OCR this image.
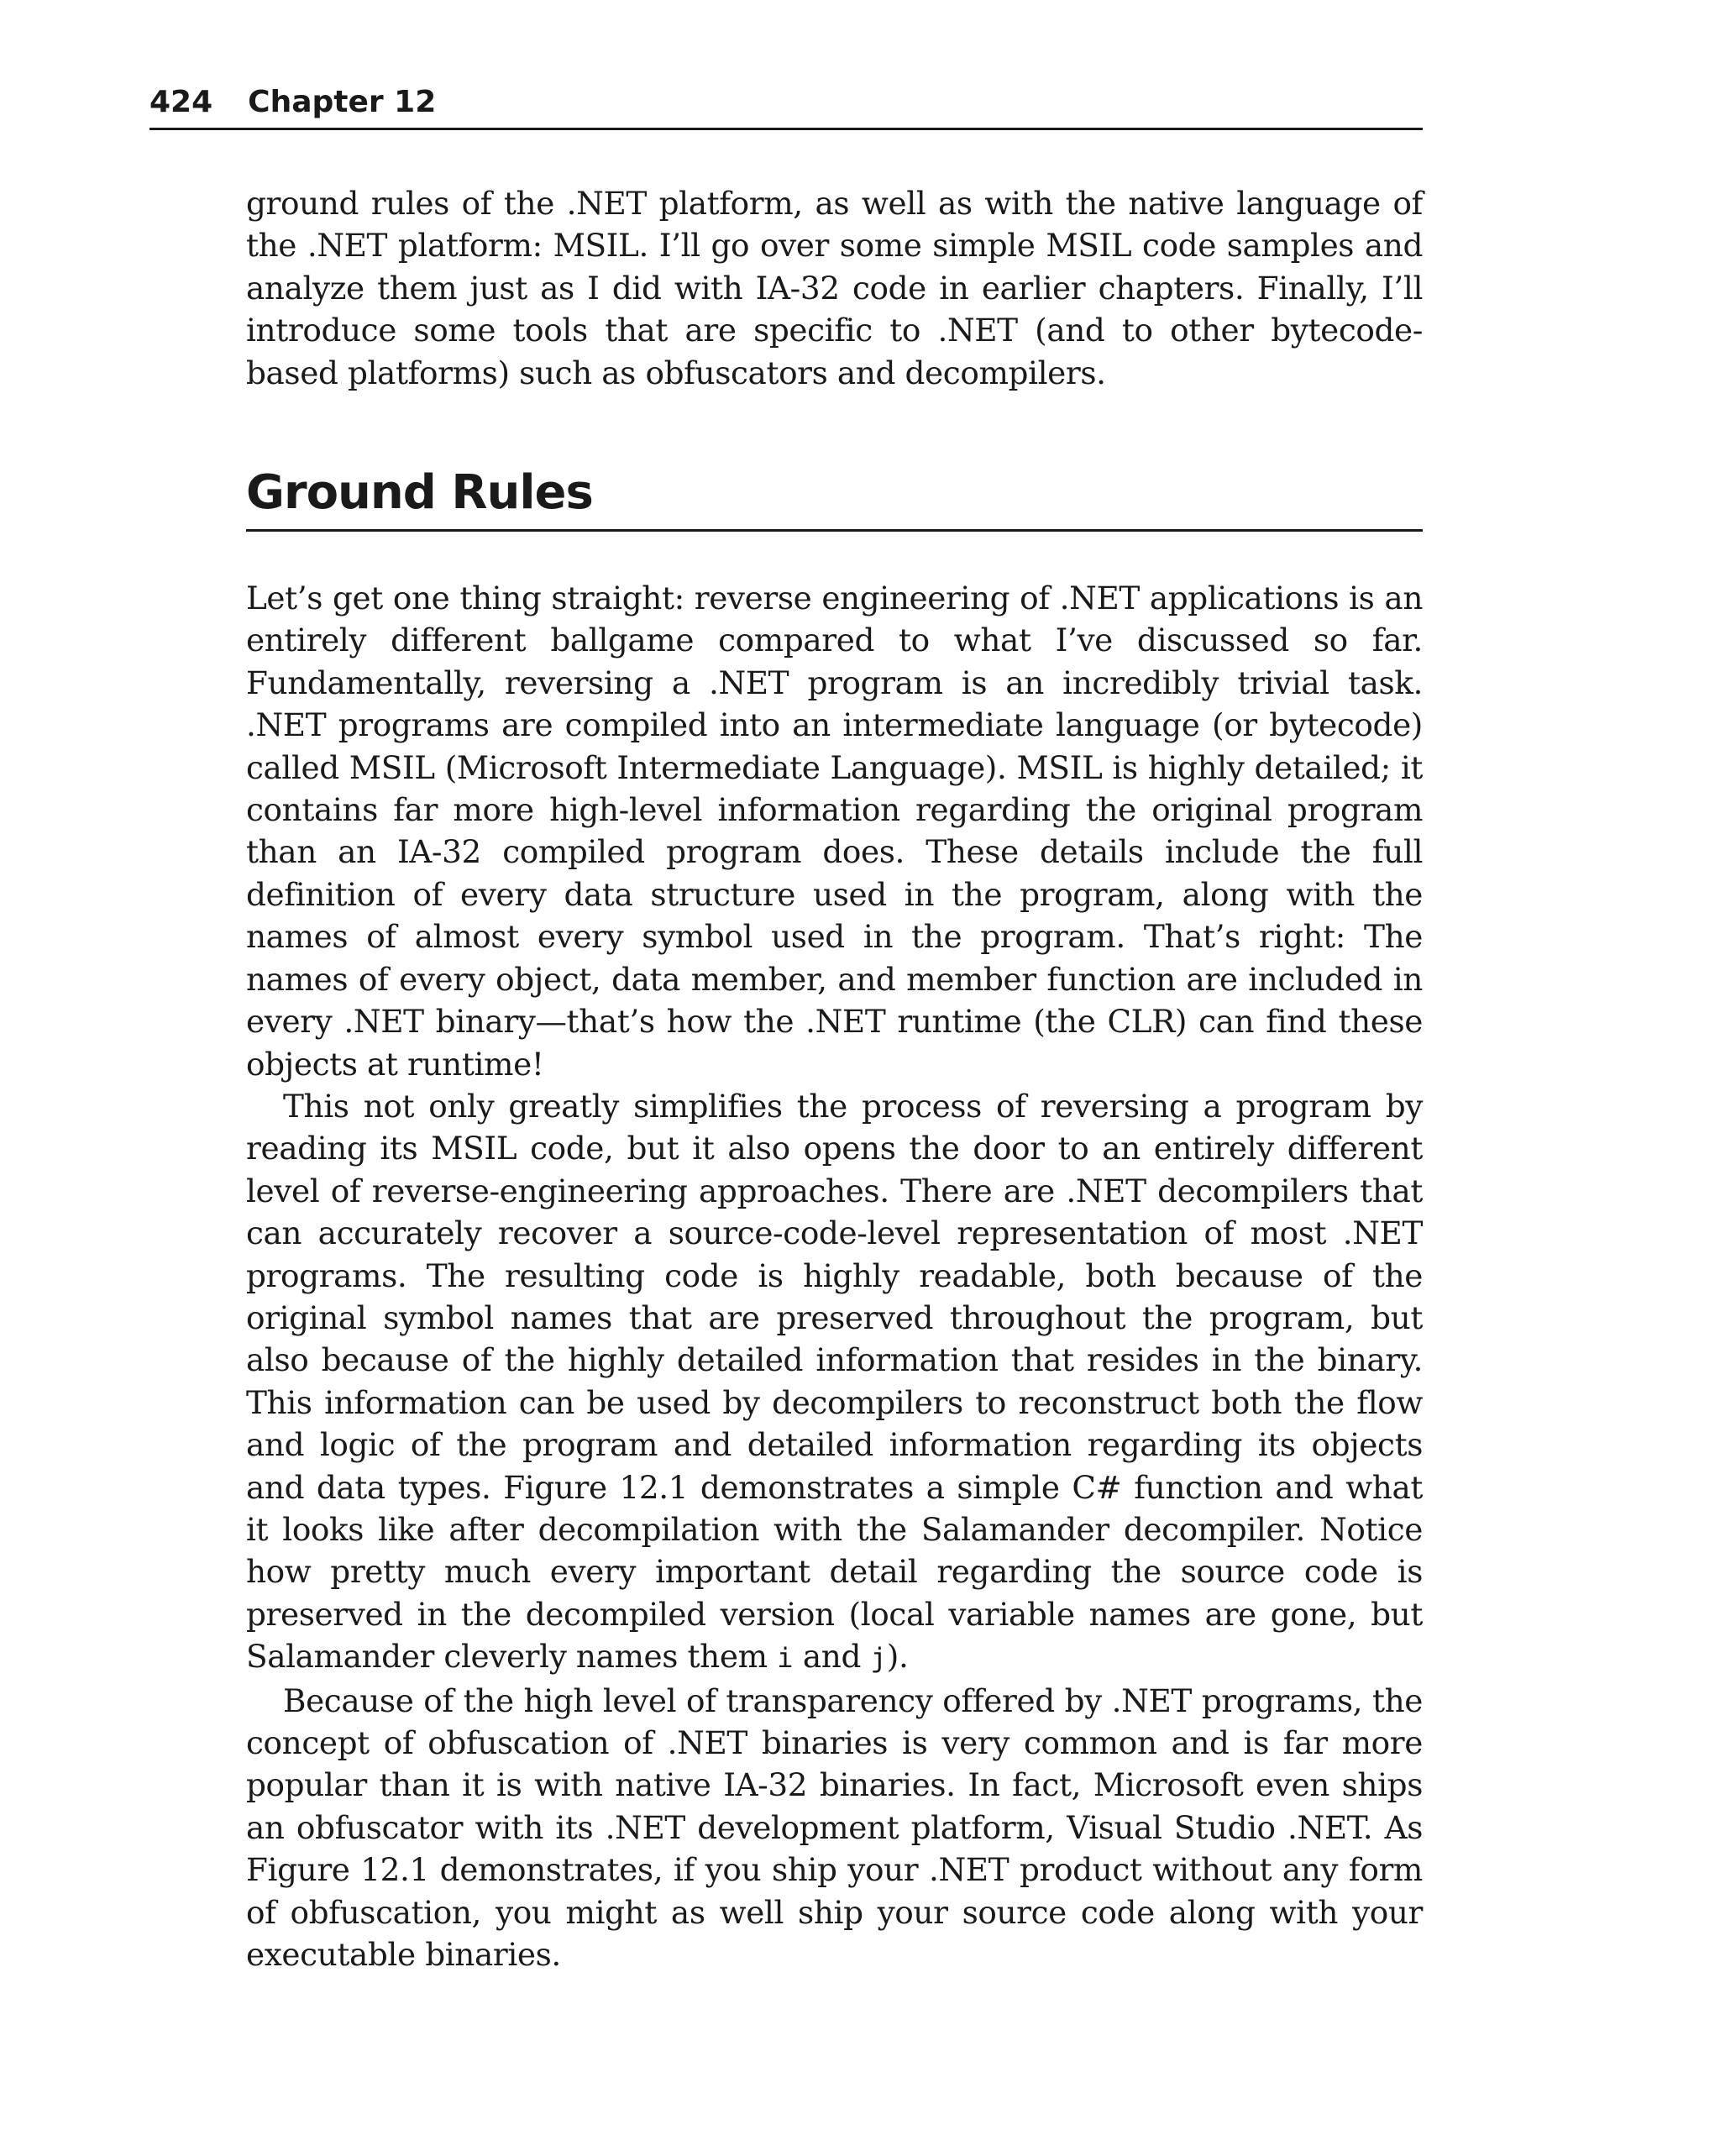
424 Chapter 12

ground rules of the .NET platform, as well as with the native language of the .NET platform: MSIL. I’ll go over some simple MSIL code samples and analyze them just as I did with IA-32 code in earlier chapters. Finally, I’ll introduce some tools that are specific to .NET (and to other bytecode-based platforms) such as obfuscators and decompilers.

Ground Rules

Let’s get one thing straight: reverse engineering of .NET applications is an entirely different ballgame compared to what I’ve discussed so far. Fundamentally, reversing a .NET program is an incredibly trivial task. .NET programs are compiled into an intermediate language (or bytecode) called MSIL (Microsoft Intermediate Language). MSIL is highly detailed; it contains far more high-level information regarding the original program than an IA-32 compiled program does. These details include the full definition of every data structure used in the program, along with the names of almost every symbol used in the program. That’s right: The names of every object, data member, and member function are included in every .NET binary—that’s how the .NET runtime (the CLR) can find these objects at runtime!

This not only greatly simplifies the process of reversing a program by reading its MSIL code, but it also opens the door to an entirely different level of reverse-engineering approaches. There are .NET decompilers that can accurately recover a source-code-level representation of most .NET programs. The resulting code is highly readable, both because of the original symbol names that are preserved throughout the program, but also because of the highly detailed information that resides in the binary. This information can be used by decompilers to reconstruct both the flow and logic of the program and detailed information regarding its objects and data types. Figure 12.1 demonstrates a simple C# function and what it looks like after decompilation with the Salamander decompiler. Notice how pretty much every important detail regarding the source code is preserved in the decompiled version (local variable names are gone, but Salamander cleverly names them i and j).

Because of the high level of transparency offered by .NET programs, the concept of obfuscation of .NET binaries is very common and is far more popular than it is with native IA-32 binaries. In fact, Microsoft even ships an obfuscator with its .NET development platform, Visual Studio .NET. As Figure 12.1 demonstrates, if you ship your .NET product without any form of obfuscation, you might as well ship your source code along with your executable binaries.
